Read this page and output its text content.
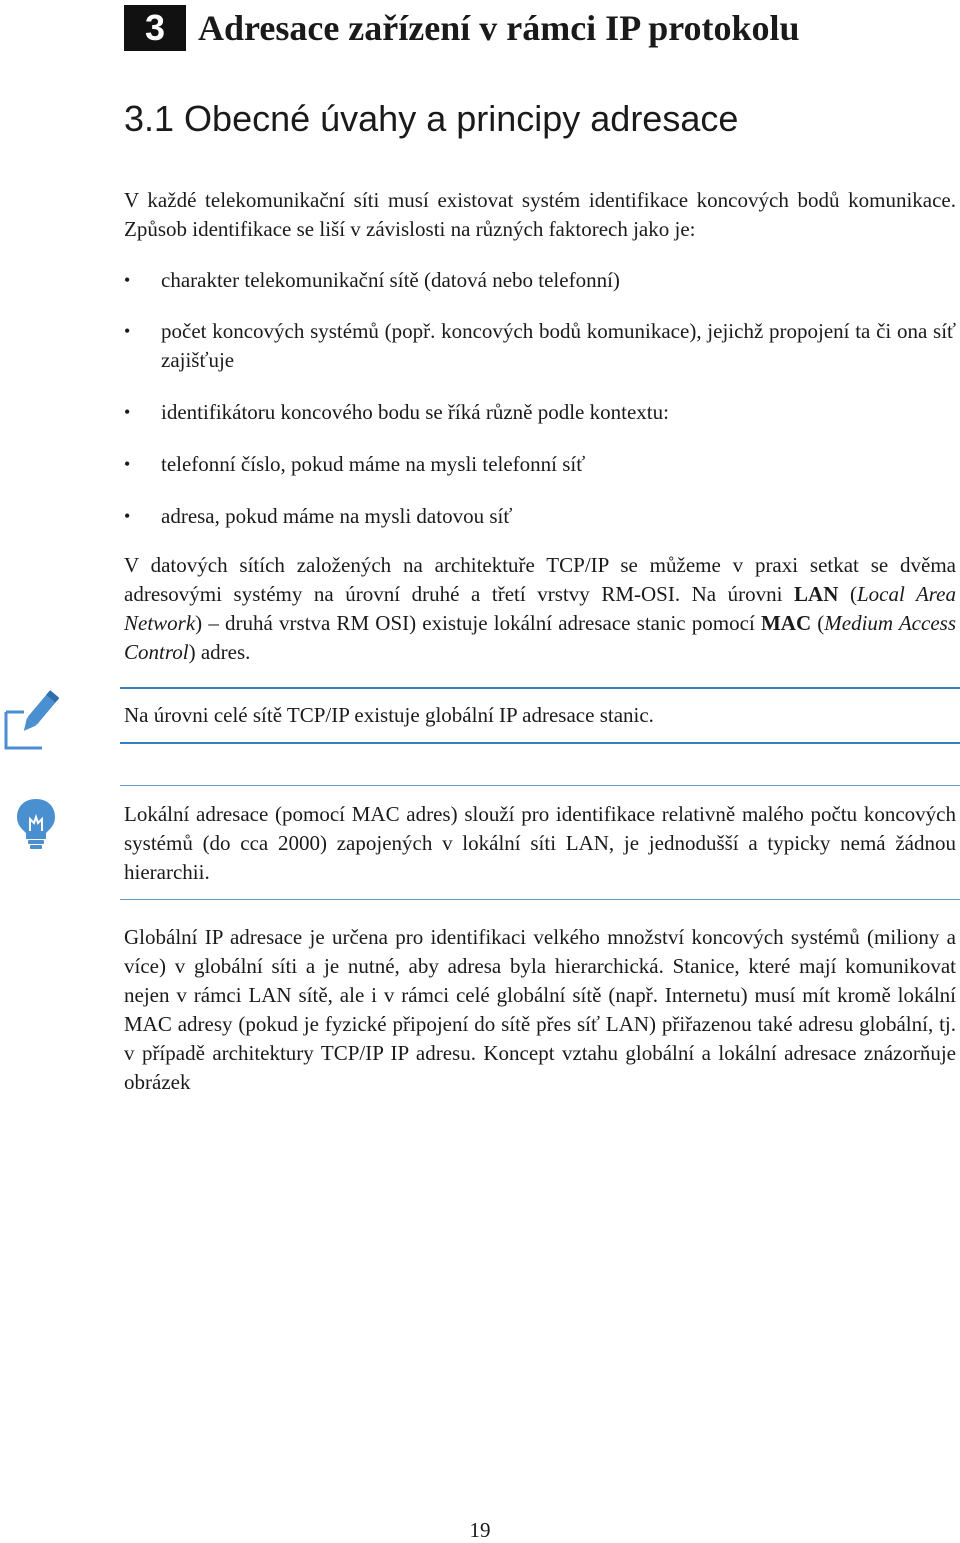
3 Adresace zařízení v rámci IP protokolu
3.1 Obecné úvahy a principy adresace
V každé telekomunikační síti musí existovat systém identifikace koncových bodů komunikace. Způsob identifikace se liší v závislosti na různých faktorech jako je:
• charakter telekomunikační sítě (datová nebo telefonní)
• počet koncových systémů (popř. koncových bodů komunikace), jejichž propojení ta či ona síť zajišťuje
• identifikátoru koncového bodu se říká různě podle kontextu:
• telefonní číslo, pokud máme na mysli telefonní síť
• adresa, pokud máme na mysli datovou síť
V datových sítích založených na architektuře TCP/IP se můžeme v praxi setkat se dvěma adresovými systémy na úrovní druhé a třetí vrstvy RM-OSI. Na úrovni LAN (Local Area Network) – druhá vrstva RM OSI) existuje lokální adresace stanic pomocí MAC (Medium Access Control) adres.
Na úrovni celé sítě TCP/IP existuje globální IP adresace stanic.
Lokální adresace (pomocí MAC adres) slouží pro identifikace relativně malého počtu koncových systémů (do cca 2000) zapojených v lokální síti LAN, je jednodušší a typicky nemá žádnou hierarchii.
Globální IP adresace je určena pro identifikaci velkého množství koncových systémů (miliony a více) v globální síti a je nutné, aby adresa byla hierarchická. Stanice, které mají komunikovat nejen v rámci LAN sítě, ale i v rámci celé globální sítě (např. Internetu) musí mít kromě lokální MAC adresy (pokud je fyzické připojení do sítě přes síť LAN) přiřazenou také adresu globální, tj. v případě architektury TCP/IP IP adresu. Koncept vztahu globální a lokální adresace znázorňuje obrázek
19
